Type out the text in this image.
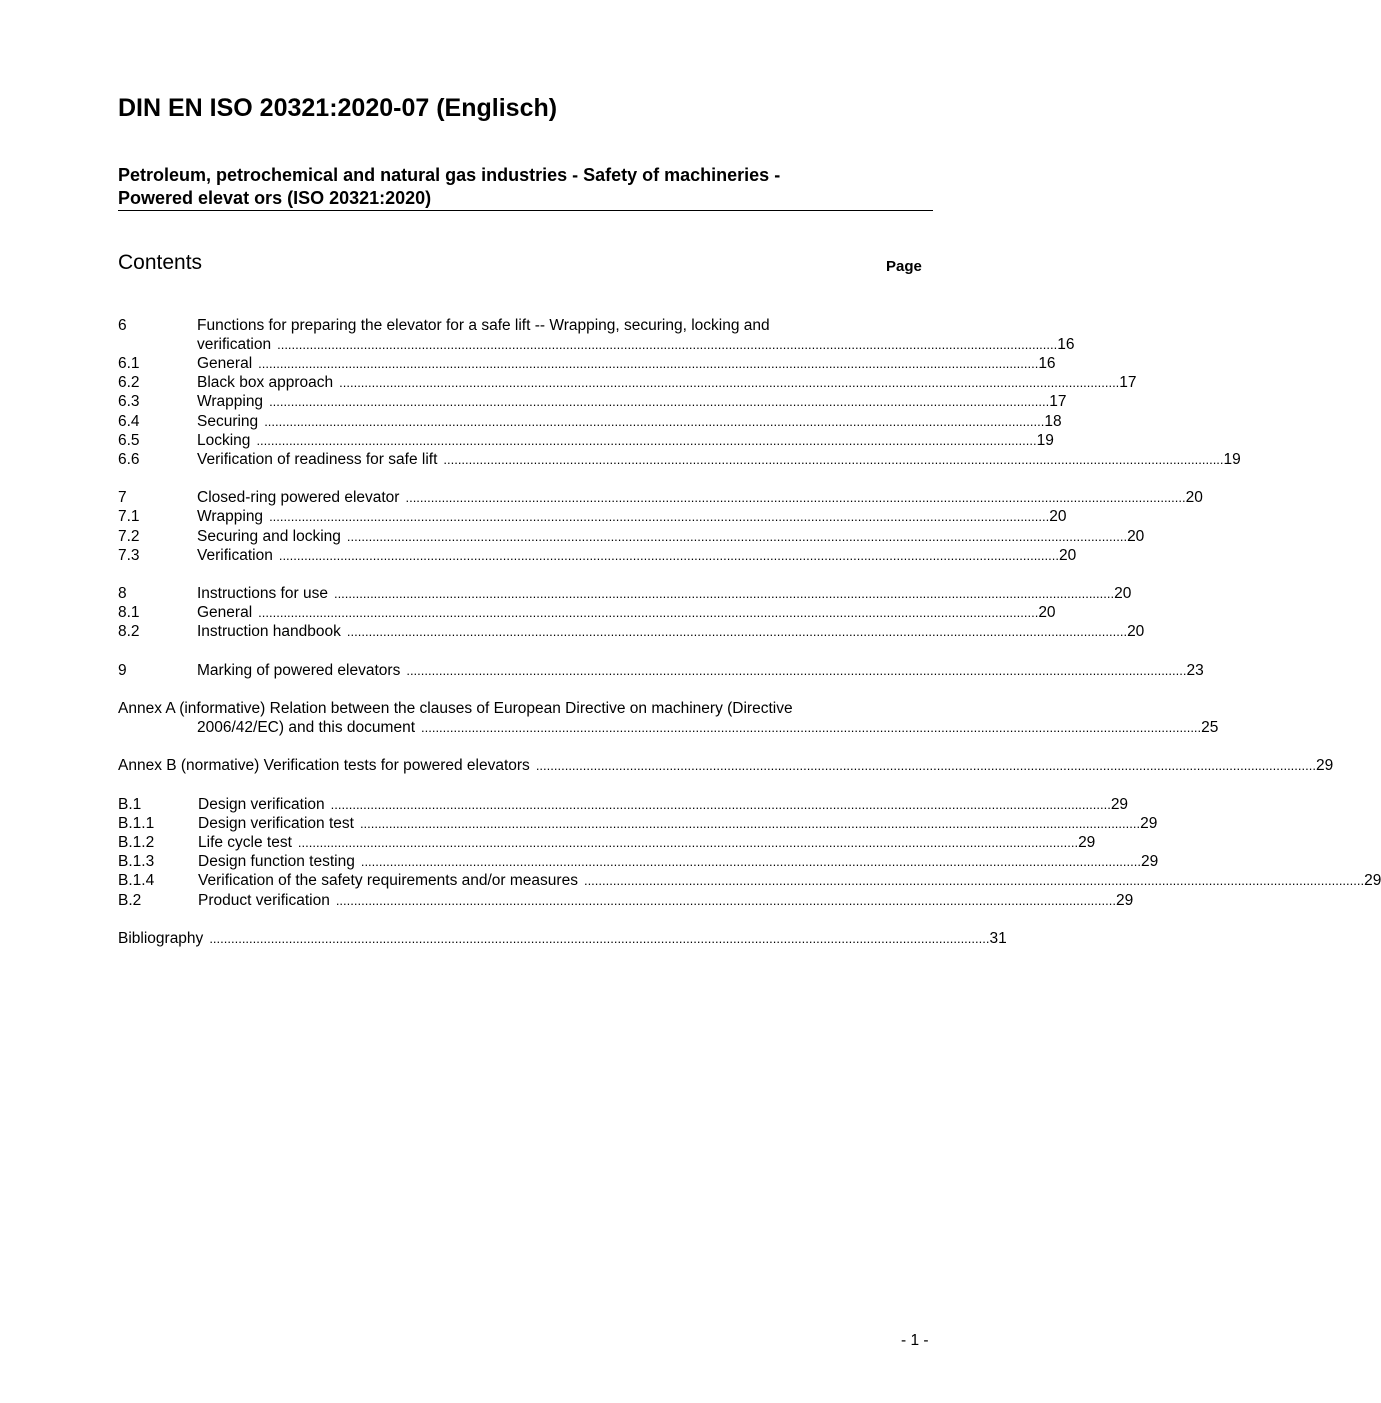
DIN EN ISO 20321:2020-07 (Englisch)
Petroleum, petrochemical and natural gas industries - Safety of machineries -
Powered elevat ors (ISO 20321:2020)
Contents	Page
6	Functions for preparing the elevator for a safe lift -- Wrapping, securing, locking and
verification ........................................................................................................................................................................................................................ 16
6.1	General ........................................................................................................................................................................................................................ 16
6.2	Black box approach ........................................................................................................................................................................................................................ 17
6.3	Wrapping ........................................................................................................................................................................................................................ 17
6.4	Securing ........................................................................................................................................................................................................................ 18
6.5	Locking ........................................................................................................................................................................................................................ 19
6.6	Verification of readiness for safe lift ........................................................................................................................................................................................................................ 19
7	Closed-ring powered elevator ........................................................................................................................................................................................................................ 20
7.1	Wrapping ........................................................................................................................................................................................................................ 20
7.2	Securing and locking ........................................................................................................................................................................................................................ 20
7.3	Verification ........................................................................................................................................................................................................................ 20
8	Instructions for use ........................................................................................................................................................................................................................ 20
8.1	General ........................................................................................................................................................................................................................ 20
8.2	Instruction handbook ........................................................................................................................................................................................................................ 20
9	Marking of powered elevators ........................................................................................................................................................................................................................ 23
Annex A (informative) Relation between the clauses of European Directive on machinery (Directive
2006/42/EC) and this document ........................................................................................................................................................................................................................ 25
Annex B (normative) Verification tests for powered elevators ........................................................................................................................................................................................................................ 29
B.1	Design verification ........................................................................................................................................................................................................................ 29
B.1.1	Design verification test ........................................................................................................................................................................................................................ 29
B.1.2	Life cycle test ........................................................................................................................................................................................................................ 29
B.1.3	Design function testing ........................................................................................................................................................................................................................ 29
B.1.4	Verification of the safety requirements and/or measures ........................................................................................................................................................................................................................ 29
B.2	Product verification ........................................................................................................................................................................................................................ 29
Bibliography ........................................................................................................................................................................................................................ 31
- 1 -
